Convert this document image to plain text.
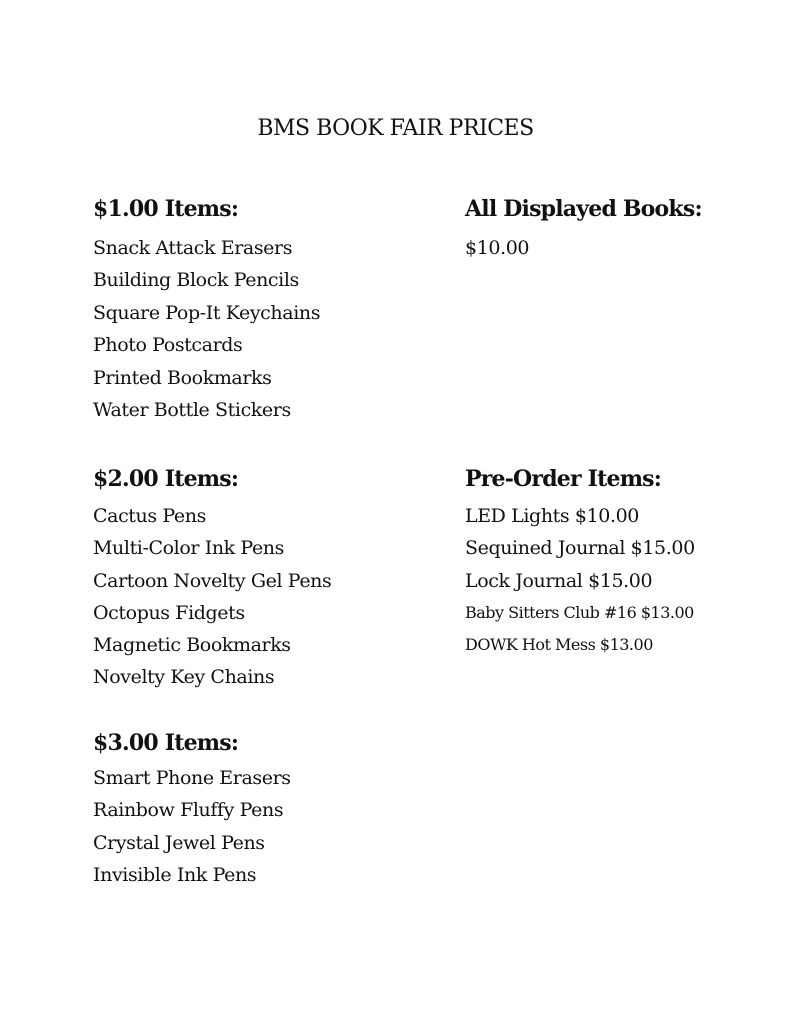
BMS BOOK FAIR PRICES
$1.00 Items:
Snack Attack Erasers
Building Block Pencils
Square Pop-It Keychains
Photo Postcards
Printed Bookmarks
Water Bottle Stickers
All Displayed Books:
$10.00
$2.00 Items:
Cactus Pens
Multi-Color Ink Pens
Cartoon Novelty Gel Pens
Octopus Fidgets
Magnetic Bookmarks
Novelty Key Chains
Pre-Order Items:
LED Lights $10.00
Sequined Journal $15.00
Lock Journal $15.00
Baby Sitters Club #16 $13.00
DOWK Hot Mess $13.00
$3.00 Items:
Smart Phone Erasers
Rainbow Fluffy Pens
Crystal Jewel Pens
Invisible Ink Pens
